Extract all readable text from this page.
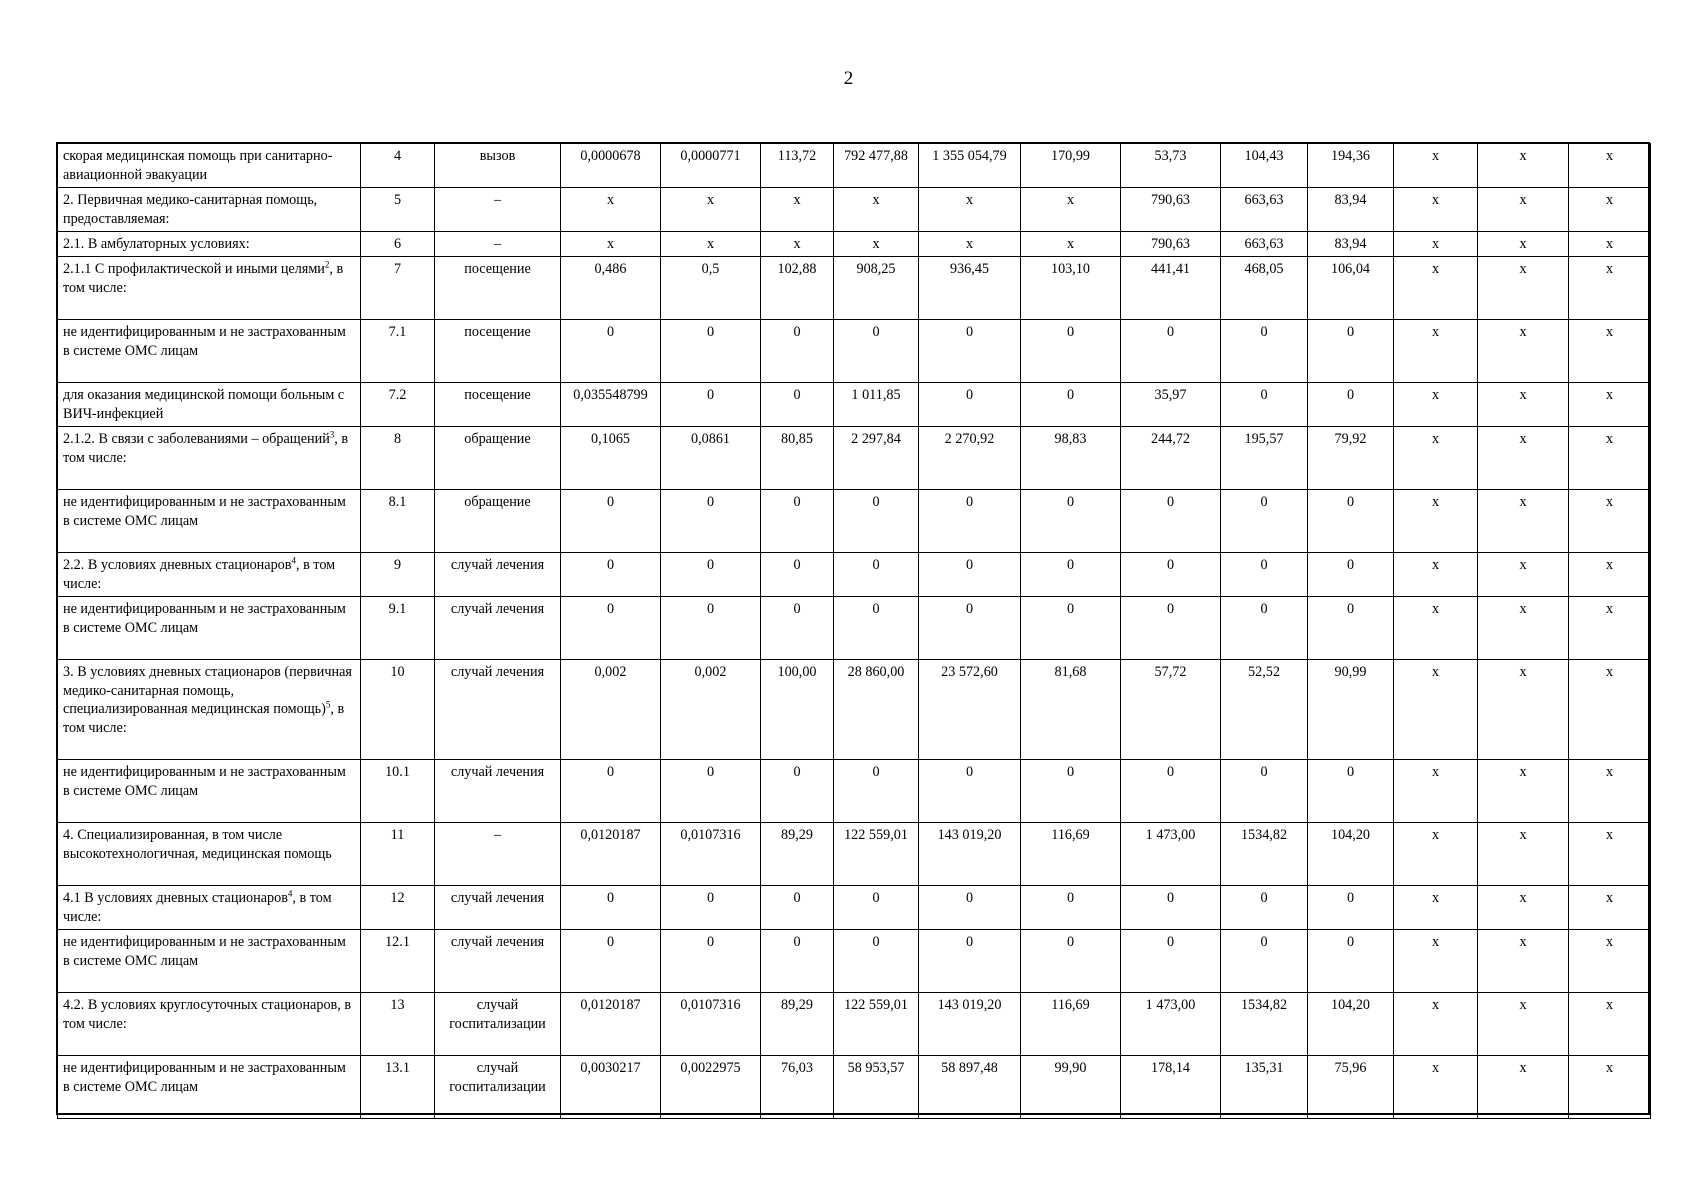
2
скорая медицинская помощь при санитарно-авиационной эвакуации	4	вызов	0,0000678	0,0000771	113,72	792 477,88	1 355 054,79	170,99	53,73	104,43	194,36	х	х	х
2. Первичная медико-санитарная помощь, предоставляемая:	5	–	х	х	х	х	х	х	790,63	663,63	83,94	х	х	х
2.1. В амбулаторных условиях:	6	–	х	х	х	х	х	х	790,63	663,63	83,94	х	х	х
2.1.1 С профилактической и иными целями$^2$, в том числе:	7	посещение	0,486	0,5	102,88	908,25	936,45	103,10	441,41	468,05	106,04	х	х	х
не идентифицированным и не застрахованным в системе ОМС лицам	7.1	посещение	0	0	0	0	0	0	0	0	0	х	х	х
для оказания медицинской помощи больным с ВИЧ-инфекцией	7.2	посещение	0,035548799	0	0	1 011,85	0	0	35,97	0	0	х	х	х
2.1.2. В связи с заболеваниями – обращений$^3$, в том числе:	8	обращение	0,1065	0,0861	80,85	2 297,84	2 270,92	98,83	244,72	195,57	79,92	х	х	х
не идентифицированным и не застрахованным в системе ОМС лицам	8.1	обращение	0	0	0	0	0	0	0	0	0	х	х	х
2.2. В условиях дневных стационаров$^4$, в том числе:	9	случай лечения	0	0	0	0	0	0	0	0	0	х	х	х
не идентифицированным и не застрахованным в системе ОМС лицам	9.1	случай лечения	0	0	0	0	0	0	0	0	0	х	х	х
3. В условиях дневных стационаров (первичная медико-санитарная помощь, специализированная медицинская помощь)$^5$, в том числе:	10	случай лечения	0,002	0,002	100,00	28 860,00	23 572,60	81,68	57,72	52,52	90,99	х	х	х
не идентифицированным и не застрахованным в системе ОМС лицам	10.1	случай лечения	0	0	0	0	0	0	0	0	0	х	х	х
4. Специализированная, в том числе высокотехнологичная, медицинская помощь	11	–	0,0120187	0,0107316	89,29	122 559,01	143 019,20	116,69	1 473,00	1534,82	104,20	х	х	х
4.1 В условиях дневных стационаров$^4$, в том числе:	12	случай лечения	0	0	0	0	0	0	0	0	0	х	х	х
не идентифицированным и не застрахованным в системе ОМС лицам	12.1	случай лечения	0	0	0	0	0	0	0	0	0	х	х	х
4.2. В условиях круглосуточных стационаров, в том числе:	13	случай госпитализации	0,0120187	0,0107316	89,29	122 559,01	143 019,20	116,69	1 473,00	1534,82	104,20	х	х	х
не идентифицированным и не застрахованным в системе ОМС лицам	13.1	случай госпитализации	0,0030217	0,0022975	76,03	58 953,57	58 897,48	99,90	178,14	135,31	75,96	х	х	х
